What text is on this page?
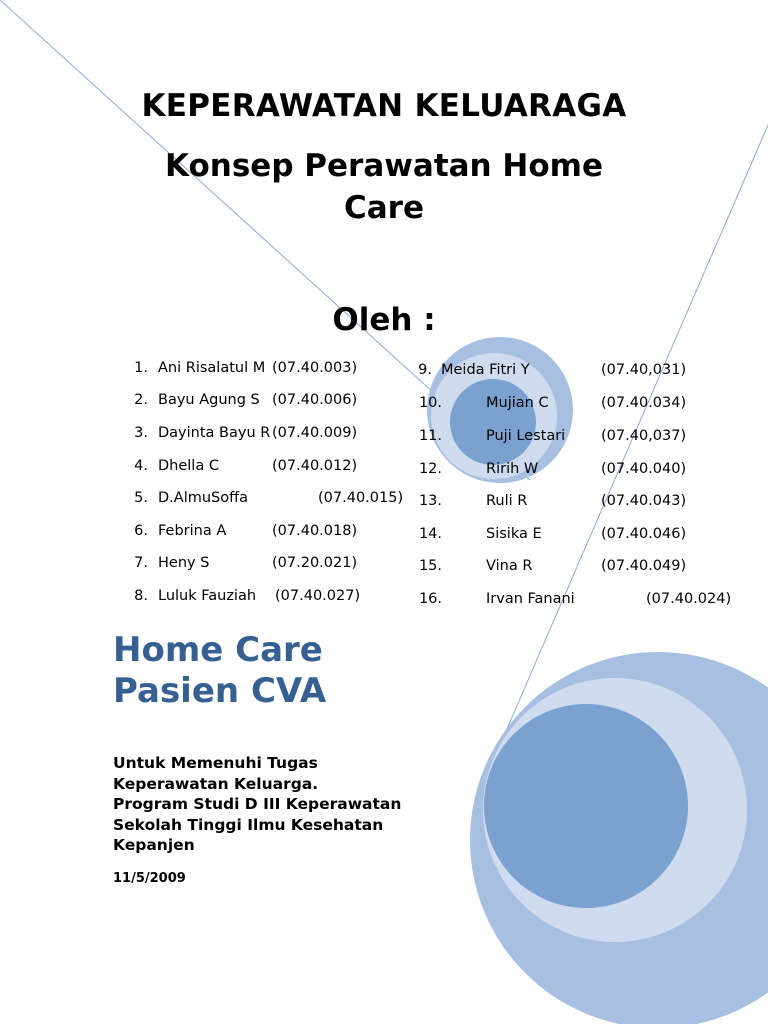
KEPERAWATAN KELUARAGA
Konsep Perawatan Home
Care
Oleh :
1. Ani Risalatul M (07.40.003)
2. Bayu Agung S (07.40.006)
3. Dayinta Bayu R (07.40.009)
4. Dhella C	(07.40.012)
5. D.AlmuSoffa	(07.40.015)
6. Febrina A	(07.40.018)
7. Heny S	(07.20.021)
8. Luluk Fauziah (07.40.027)
9. Meida Fitri Y	(07.40,031)
10.	Mujian C	(07.40.034)
11.	Puji Lestari (07.40,037)
12.	Ririh W	(07.40.040)
13.	Ruli R	(07.40.043)
14.	Sisika E	(07.40.046)
15.	Vina R	(07.40.049)
16.	Irvan Fanani	(07.40.024)
Home Care
Pasien CVA
Untuk Memenuhi Tugas
Keperawatan Keluarga.
Program Studi D III Keperawatan
Sekolah Tinggi Ilmu Kesehatan
Kepanjen
11/5/2009
